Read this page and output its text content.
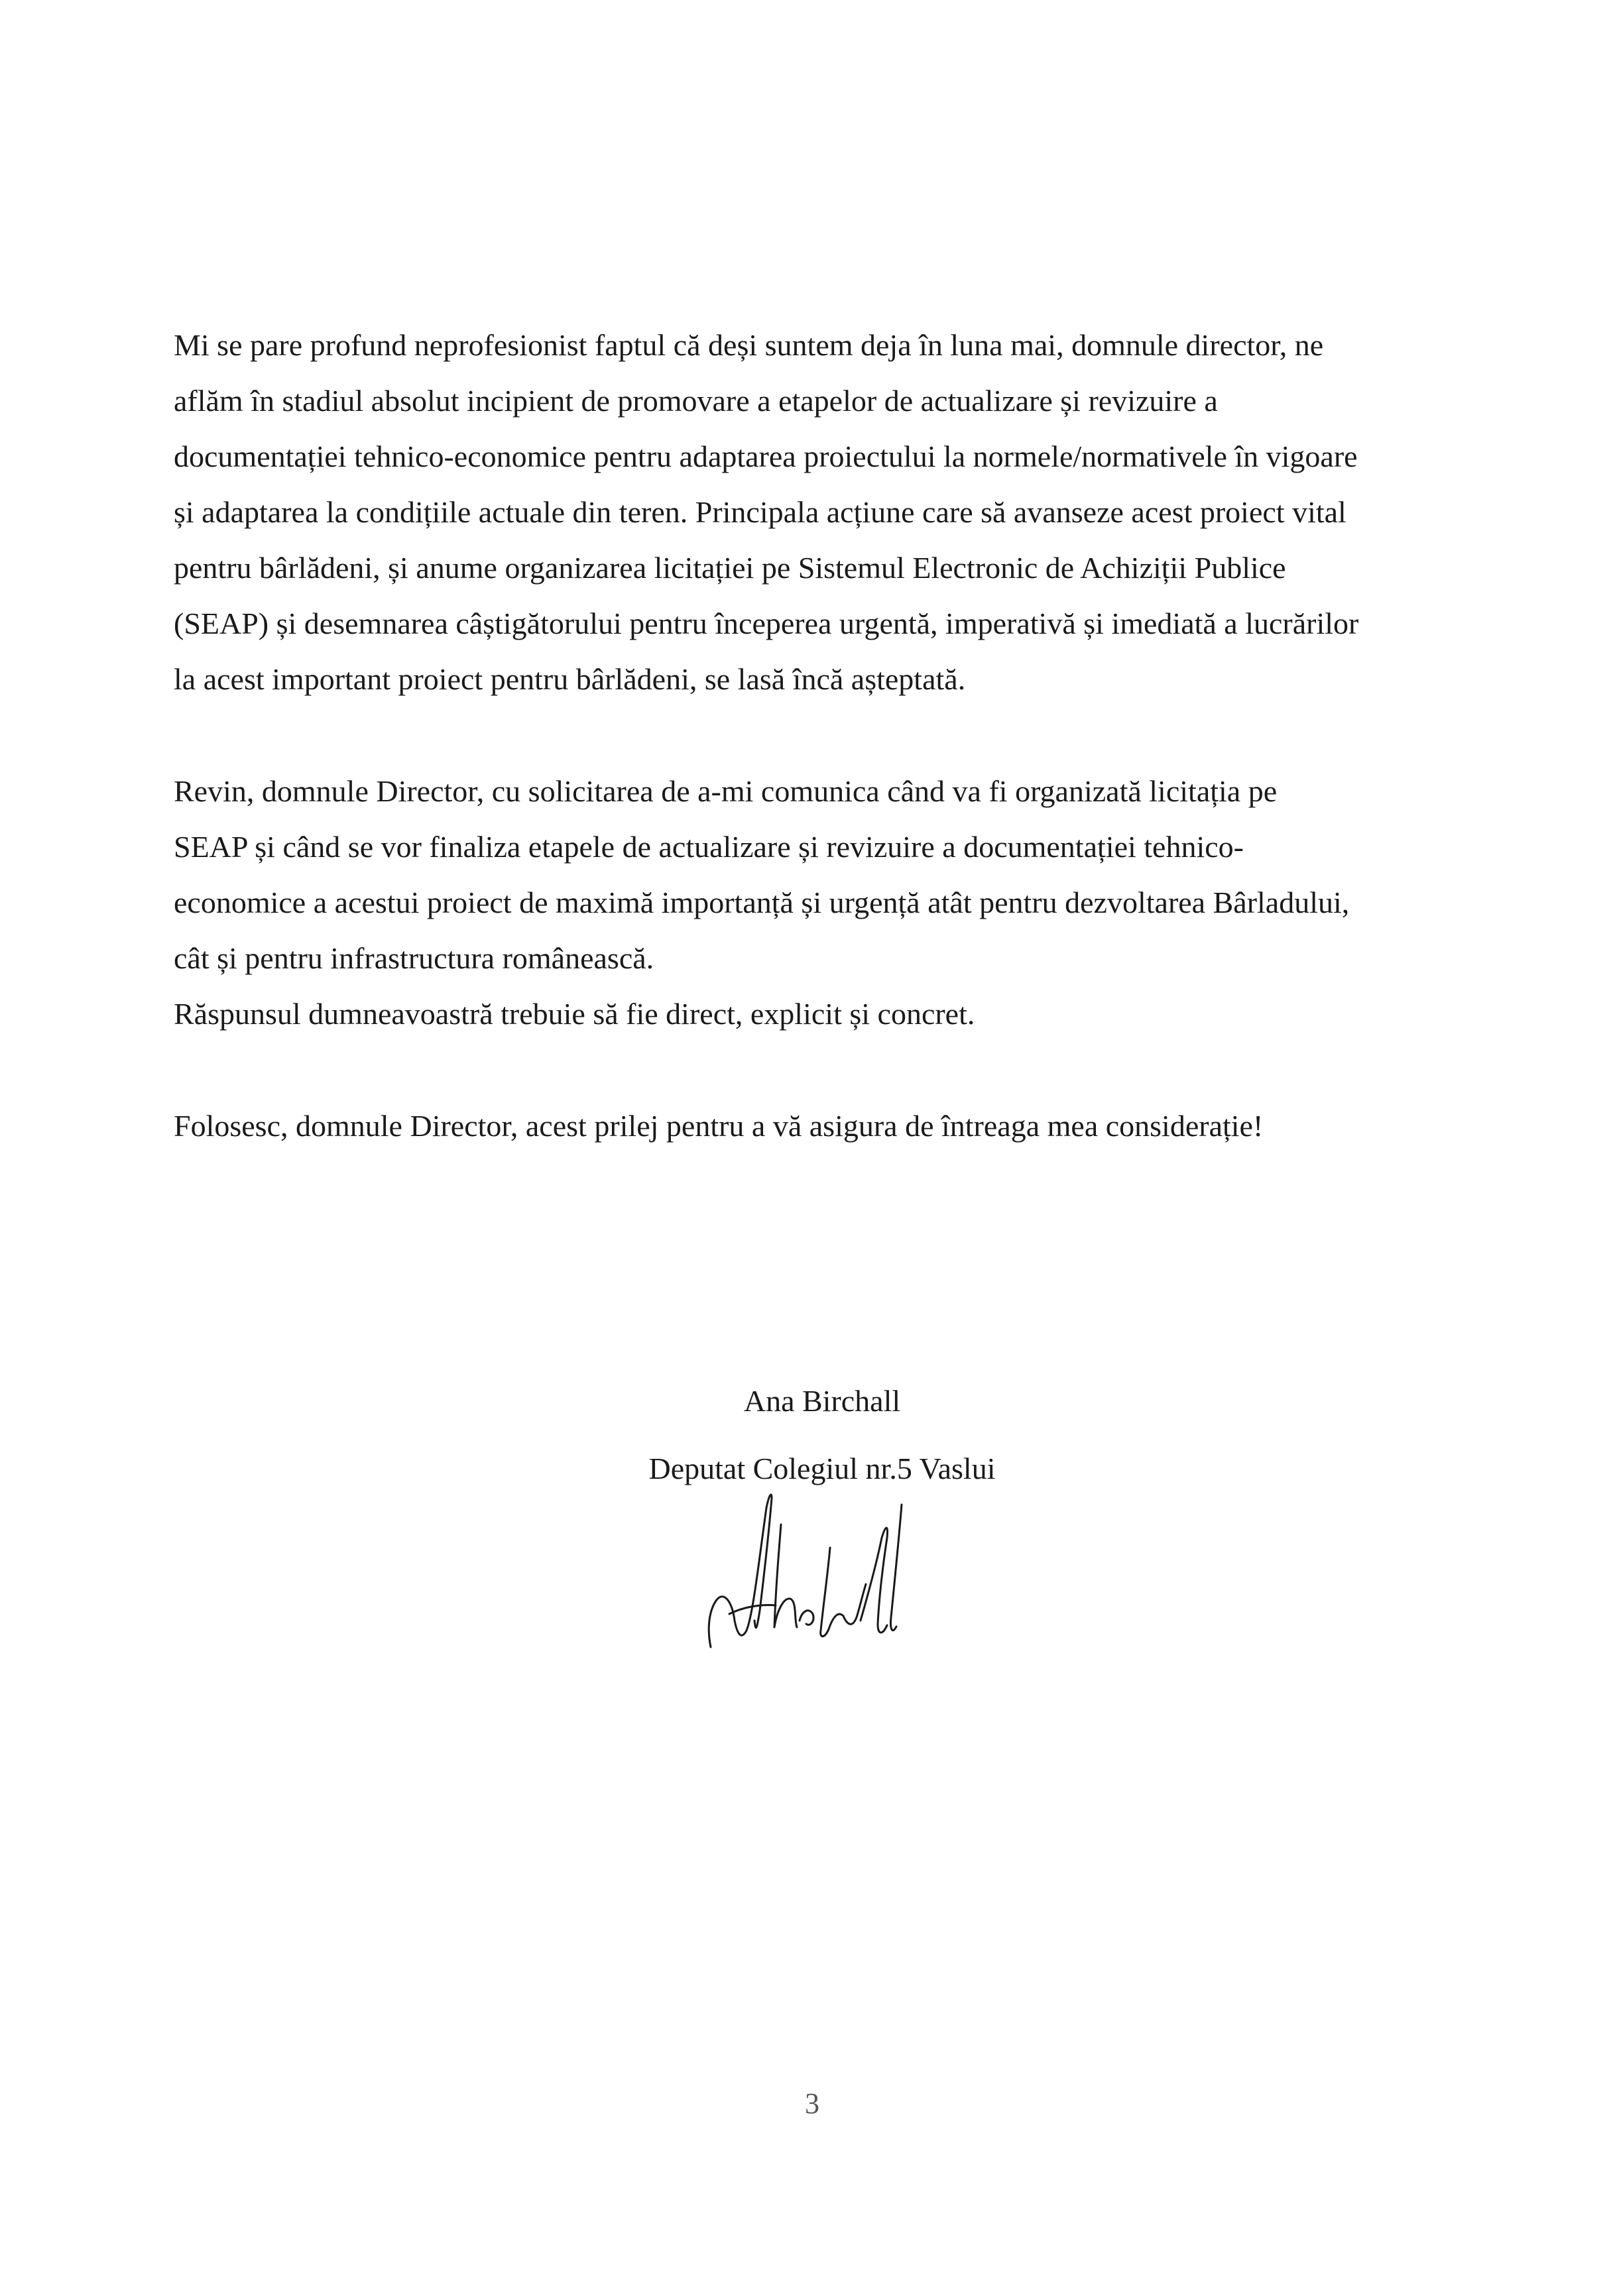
Mi se pare profund neprofesionist faptul că deși suntem deja în luna mai, domnule director, ne
aflăm în stadiul absolut incipient de promovare a etapelor de actualizare și revizuire a
documentației tehnico-economice pentru adaptarea proiectului la normele/normativele în vigoare
și adaptarea la condițiile actuale din teren. Principala acțiune care să avanseze acest proiect vital
pentru bârlădeni, și anume organizarea licitației pe Sistemul Electronic de Achiziții Publice
(SEAP) și desemnarea câștigătorului pentru începerea urgentă, imperativă și imediată a lucrărilor
la acest important proiect pentru bârlădeni, se lasă încă așteptată.
Revin, domnule Director, cu solicitarea de a-mi comunica când va fi organizată licitația pe
SEAP și când se vor finaliza etapele de actualizare și revizuire a documentației tehnico-
economice a acestui proiect de maximă importanță și urgență atât pentru dezvoltarea Bârladului,
cât și pentru infrastructura românească.
Răspunsul dumneavoastră trebuie să fie direct, explicit și concret.
Folosesc, domnule Director, acest prilej pentru a vă asigura de întreaga mea considerație!
Ana Birchall
Deputat Colegiul nr.5 Vaslui
3
